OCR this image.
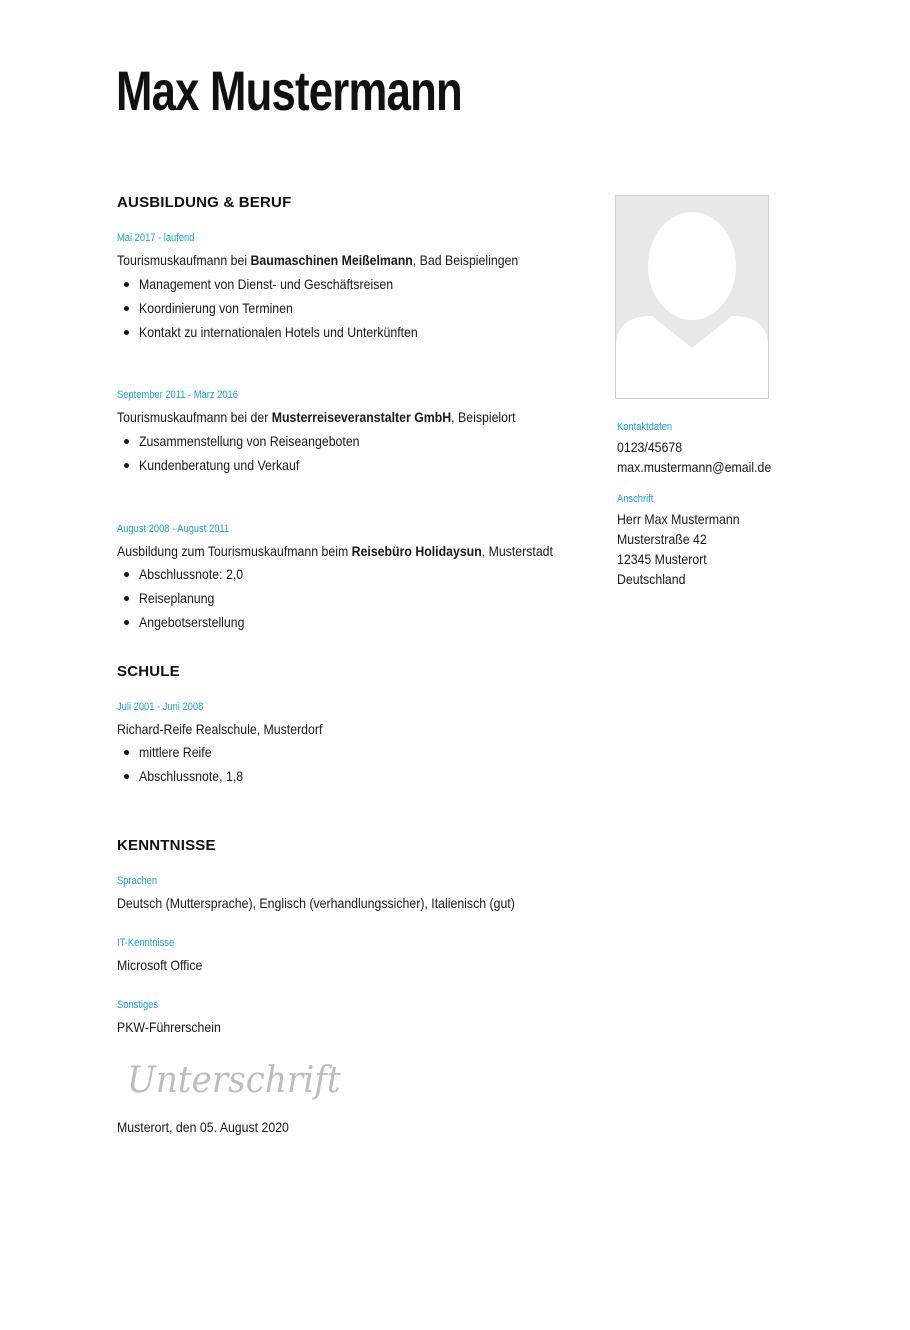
Max Mustermann
AUSBILDUNG & BERUF
Mai 2017 - laufend
Tourismuskaufmann bei Baumaschinen Meißelmann, Bad Beispielingen
Management von Dienst- und Geschäftsreisen
Koordinierung von Terminen
Kontakt zu internationalen Hotels und Unterkünften
September 2011 - März 2016
Tourismuskaufmann bei der Musterreiseveranstalter GmbH, Beispielort
Zusammenstellung von Reiseangeboten
Kundenberatung und Verkauf
August 2008 - August 2011
Ausbildung zum Tourismuskaufmann beim Reisebüro Holidaysun, Musterstadt
Abschlussnote: 2,0
Reiseplanung
Angebotserstellung
SCHULE
Juli 2001 - Juni 2008
Richard-Reife Realschule, Musterdorf
mittlere Reife
Abschlussnote, 1,8
KENNTNISSE
Sprachen
Deutsch (Muttersprache), Englisch (verhandlungssicher), Italienisch (gut)
IT-Kenntnisse
Microsoft Office
Sonstiges
PKW-Führerschein
Unterschrift
Musterort, den 05. August 2020
Kontaktdaten
0123/45678
max.mustermann@email.de
Anschrift
Herr Max Mustermann
Musterstraße 42
12345 Musterort
Deutschland
